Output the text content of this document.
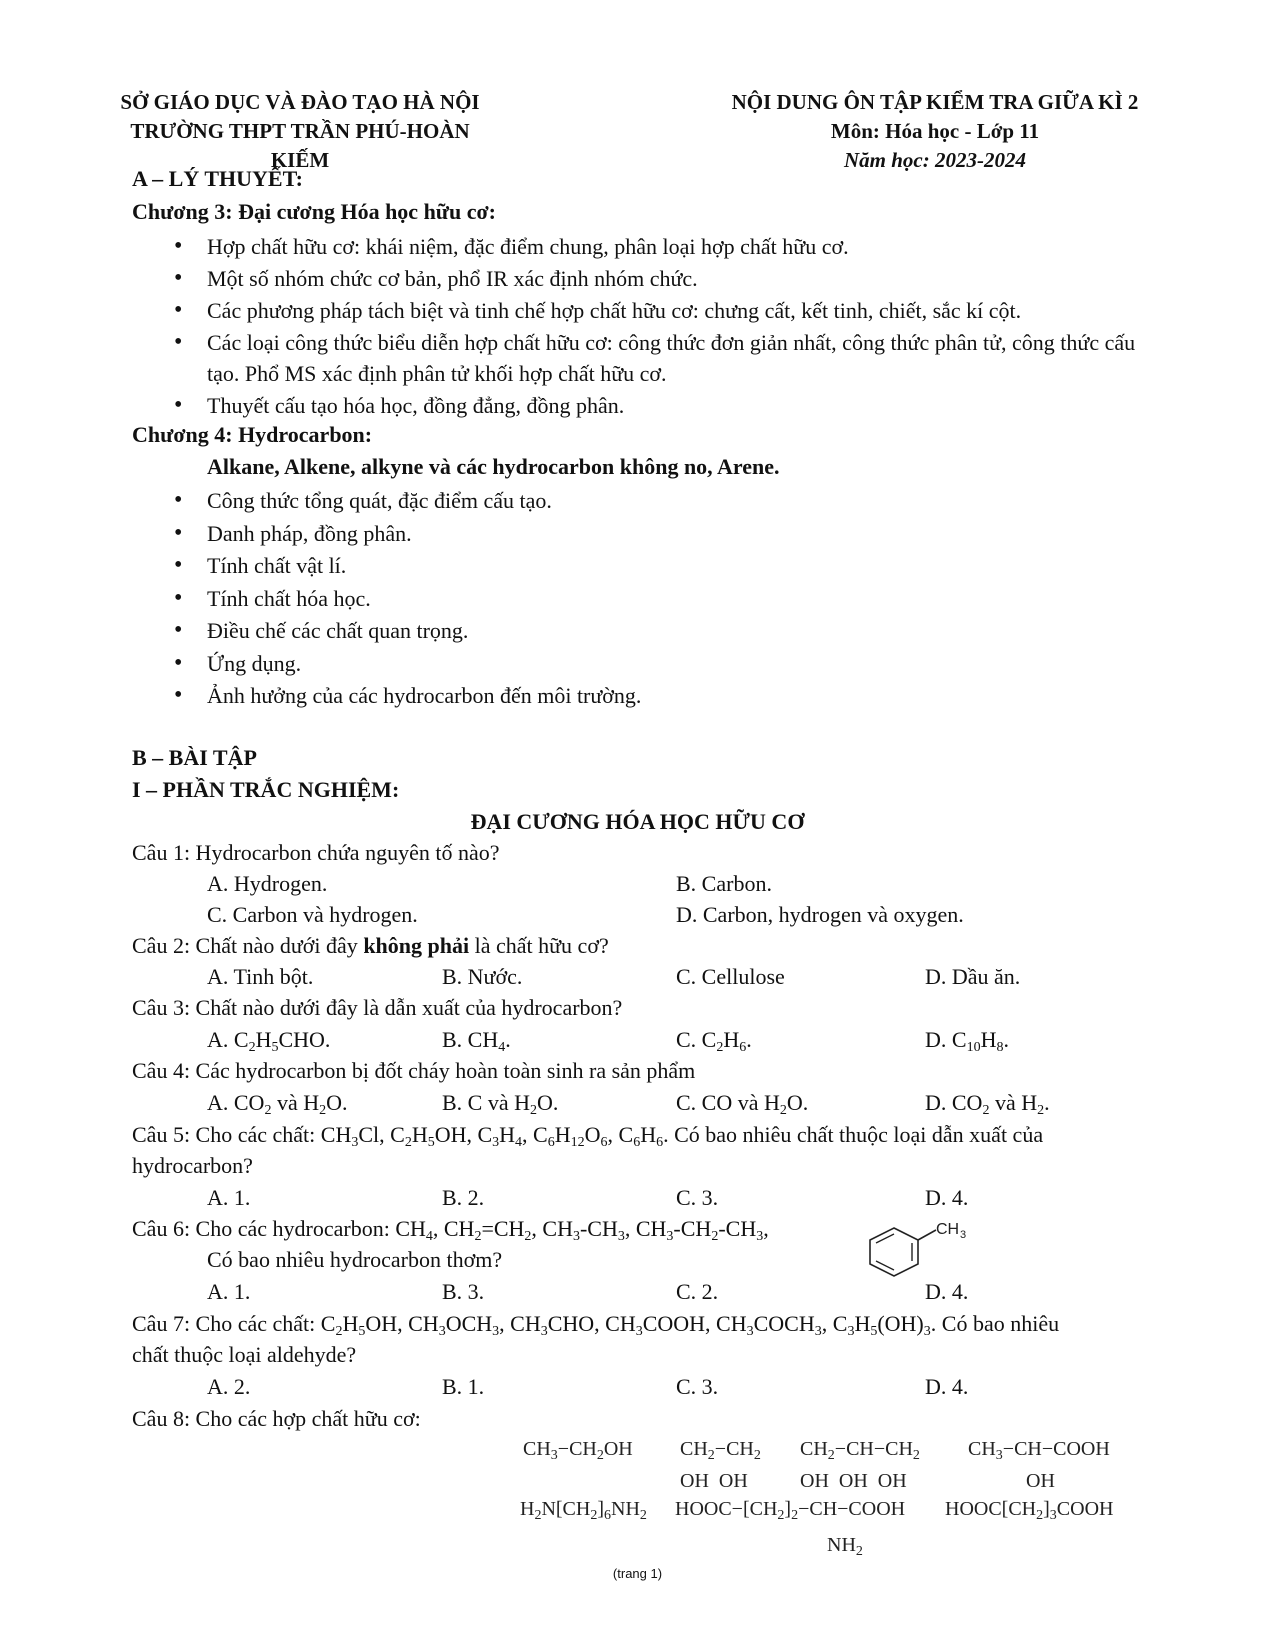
SỞ GIÁO DỤC VÀ ĐÀO TẠO HÀ NỘI
TRƯỜNG THPT TRẦN PHÚ-HOÀN KIẾM
NỘI DUNG ÔN TẬP KIỂM TRA GIỮA KÌ 2
Môn: Hóa học - Lớp 11
Năm học: 2023-2024
A – LÝ THUYẾT:
Chương 3: Đại cương Hóa học hữu cơ:
• Hợp chất hữu cơ: khái niệm, đặc điểm chung, phân loại hợp chất hữu cơ.
• Một số nhóm chức cơ bản, phổ IR xác định nhóm chức.
• Các phương pháp tách biệt và tinh chế hợp chất hữu cơ: chưng cất, kết tinh, chiết, sắc kí cột.
• Các loại công thức biểu diễn hợp chất hữu cơ: công thức đơn giản nhất, công thức phân tử, công thức cấu tạo. Phổ MS xác định phân tử khối hợp chất hữu cơ.
• Thuyết cấu tạo hóa học, đồng đẳng, đồng phân.
Chương 4: Hydrocarbon:
Alkane, Alkene, alkyne và các hydrocarbon không no, Arene.
• Công thức tổng quát, đặc điểm cấu tạo.
• Danh pháp, đồng phân.
• Tính chất vật lí.
• Tính chất hóa học.
• Điều chế các chất quan trọng.
• Ứng dụng.
• Ảnh hưởng của các hydrocarbon đến môi trường.
B – BÀI TẬP
I – PHẦN TRẮC NGHIỆM:
ĐẠI CƯƠNG HÓA HỌC HỮU CƠ
Câu 1: Hydrocarbon chứa nguyên tố nào?
A. Hydrogen.	B. Carbon.
C. Carbon và hydrogen.	D. Carbon, hydrogen và oxygen.
Câu 2: Chất nào dưới đây không phải là chất hữu cơ?
A. Tinh bột.	B. Nước.	C. Cellulose	D. Dầu ăn.
Câu 3: Chất nào dưới đây là dẫn xuất của hydrocarbon?
A. $C_2H_5CHO$.	B. $CH_4$.	C. $C_2H_6$.	D. $C_{10}H_8$.
Câu 4: Các hydrocarbon bị đốt cháy hoàn toàn sinh ra sản phẩm
A. $CO_2$ và $H_2O$.	B. C và $H_2O$.	C. CO và $H_2O$.	D. $CO_2$ và $H_2$.
Câu 5: Cho các chất: $CH_3Cl$, $C_2H_5OH$, $C_3H_4$, $C_6H_{12}O_6$, $C_6H_6$. Có bao nhiêu chất thuộc loại dẫn xuất của
hydrocarbon?
A. 1.	B. 2.	C. 3.	D. 4.
Câu 6: Cho các hydrocarbon: $CH_4$, $CH_2=CH_2$, $CH_3-CH_3$, $CH_3-CH_2-CH_3$,	CH 3
Có bao nhiêu hydrocarbon thơm?
A. 1.	B. 3.	C. 2.	D. 4.
Câu 7: Cho các chất: $C_2H_5OH$, $CH_3OCH_3$, $CH_3CHO$, $CH_3COOH$, $CH_3COCH_3$, $C_3H_5(OH)_3$. Có bao nhiêu
chất thuộc loại aldehyde?
A. 2.	B. 1.	C. 3.	D. 4.
Câu 8: Cho các hợp chất hữu cơ:
$CH_3-CH_2OH$ $CH_2-CH_2$
OH  OH
$CH_2-CH-CH_2$
OH  OH  OH
$CH_3-CH-COOH$
OH
$H_2N[CH_2]_6NH_2$ $HOOC-[CH_2]_2-CH-COOH$
$NH_2$
$HOOC[CH_2]_3COOH$
(trang 1)
